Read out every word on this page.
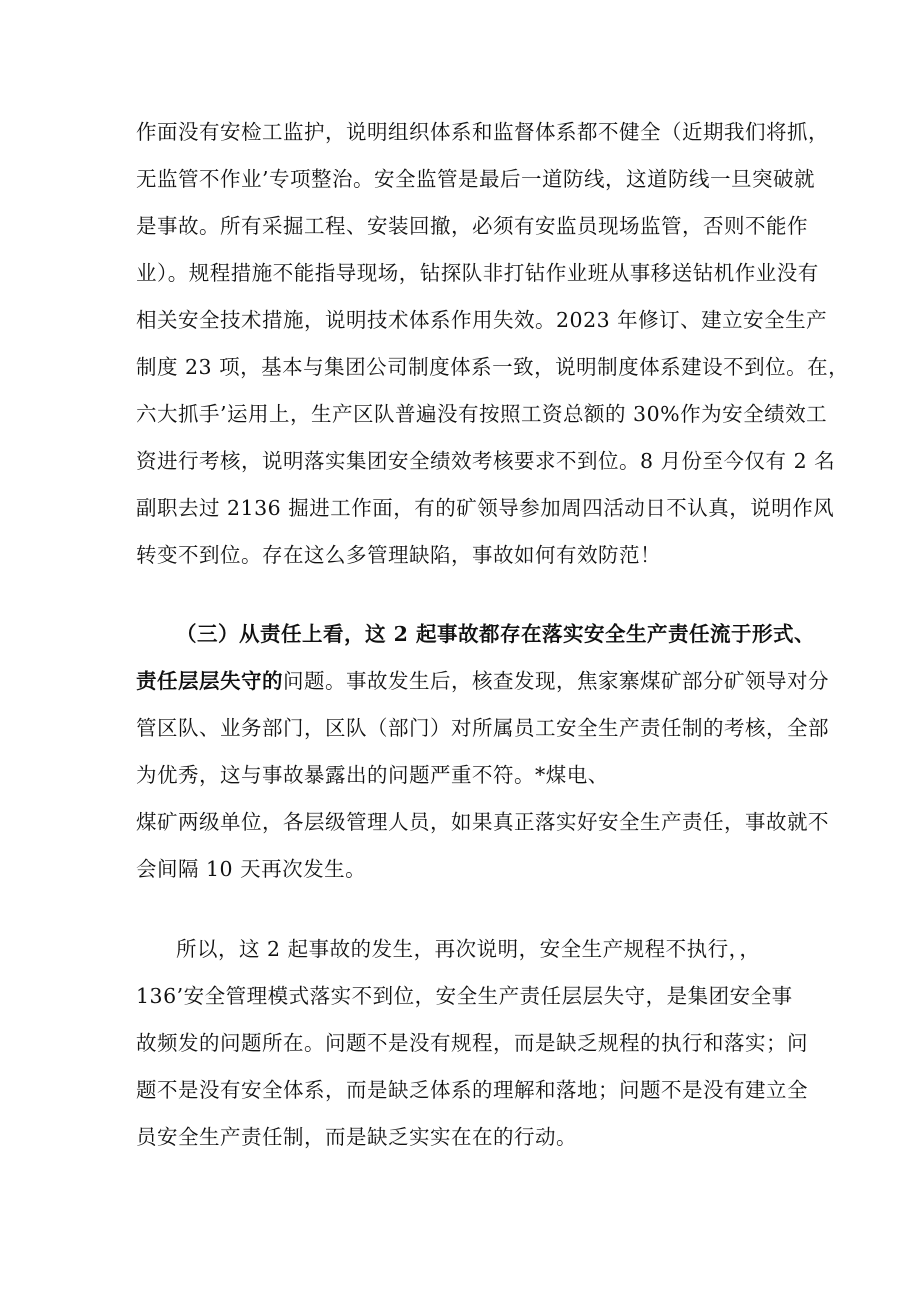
作面没有安检工监护，说明组织体系和监督体系都不健全（近期我们将抓，
无监管不作业’专项整治。安全监管是最后一道防线，这道防线一旦突破就
是事故。所有采掘工程、安装回撤，必须有安监员现场监管，否则不能作
业）。规程措施不能指导现场，钻探队非打钻作业班从事移送钻机作业没有
相关安全技术措施，说明技术体系作用失效。2023 年修订、建立安全生产
制度 23 项，基本与集团公司制度体系一致，说明制度体系建设不到位。在，
六大抓手’运用上，生产区队普遍没有按照工资总额的 30%作为安全绩效工
资进行考核，说明落实集团安全绩效考核要求不到位。8 月份至今仅有 2 名
副职去过 2136 掘进工作面，有的矿领导参加周四活动日不认真，说明作风
转变不到位。存在这么多管理缺陷，事故如何有效防范！
（三）从责任上看，这 2 起事故都存在落实安全生产责任流于形式、
责任层层失守的问题。事故发生后，核查发现，焦家寨煤矿部分矿领导对分
管区队、业务部门，区队（部门）对所属员工安全生产责任制的考核，全部
为优秀，这与事故暴露出的问题严重不符。*煤电、
煤矿两级单位，各层级管理人员，如果真正落实好安全生产责任，事故就不
会间隔 10 天再次发生。
所以，这 2 起事故的发生，再次说明，安全生产规程不执行，，
136’安全管理模式落实不到位，安全生产责任层层失守，是集团安全事
故频发的问题所在。问题不是没有规程，而是缺乏规程的执行和落实；问
题不是没有安全体系，而是缺乏体系的理解和落地；问题不是没有建立全
员安全生产责任制，而是缺乏实实在在的行动。
